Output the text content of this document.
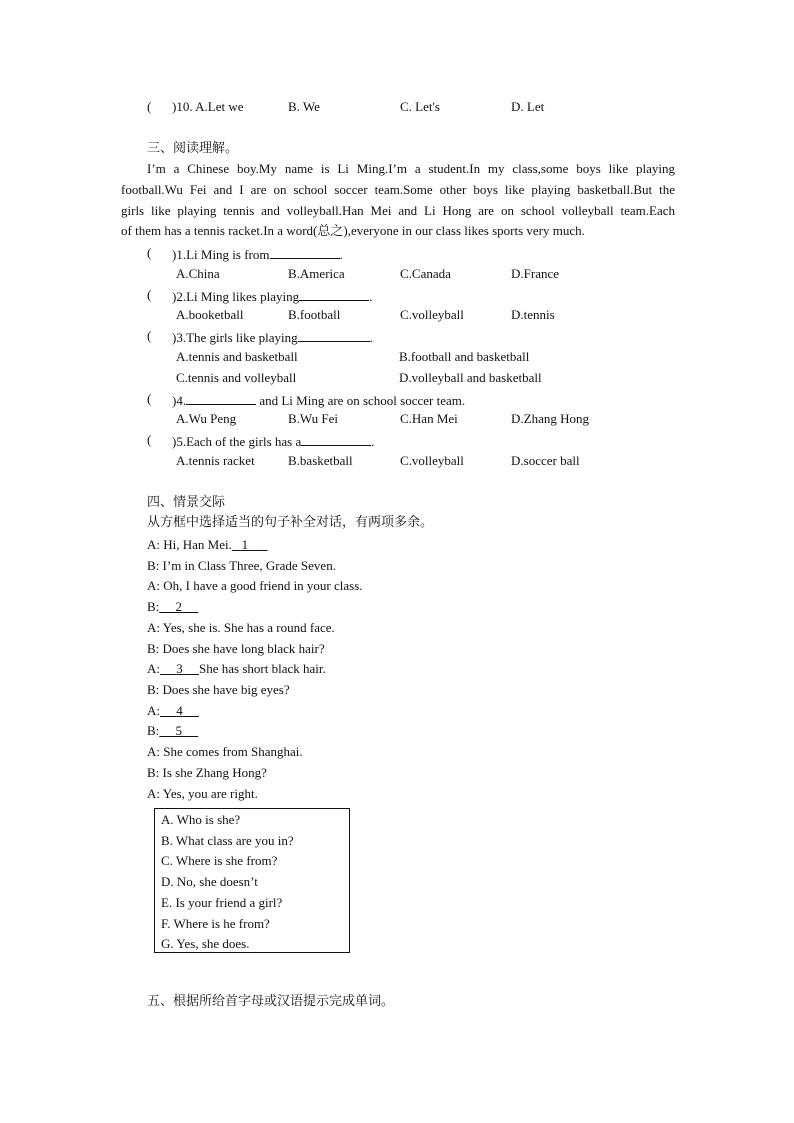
( )10. A.Let we	B. We	C. Let's	D. Let
三、阅读理解。
I’m a Chinese boy.My name is Li Ming.I’m a student.In my class,some boys like playing
football.Wu Fei and I are on school soccer team.Some other boys like playing basketball.But the
girls like playing tennis and volleyball.Han Mei and Li Hong are on school volleyball team.Each
of them has a tennis racket.In a word(总之),everyone in our class likes sports very much.
( )1.Li Ming is from	.
A.China	B.America	C.Canada	D.France
( )2.Li Ming likes playing	.
A.booketball	B.football	C.volleyball	D.tennis
( )3.The girls like playing	.
A.tennis and basketball	B.football and basketball
C.tennis and volleyball	D.volleyball and basketball
( )4.	and Li Ming are on school soccer team.
A.Wu Peng	B.Wu Fei	C.Han Mei	D.Zhang Hong
( )5.Each of the girls has a	.
A.tennis racket	B.basketball	C.volleyball	D.soccer ball
四、情景交际
从方框中选择适当的句子补全对话，有两项多余。
A: Hi, Han Mei. 1
B: I’m in Class Three, Grade Seven.
A: Oh, I have a good friend in your class.
B: 2
A: Yes, she is. She has a round face.
B: Does she have long black hair?
A: 3 She has short black hair.
B: Does she have big eyes?
A: 4
B: 5
A: She comes from Shanghai.
B: Is she Zhang Hong?
A: Yes, you are right.
A. Who is she?
B. What class are you in?
C. Where is she from?
D. No, she doesn’t
E. Is your friend a girl?
F. Where is he from?
G. Yes, she does.
五、根据所给首字母或汉语提示完成单词。
